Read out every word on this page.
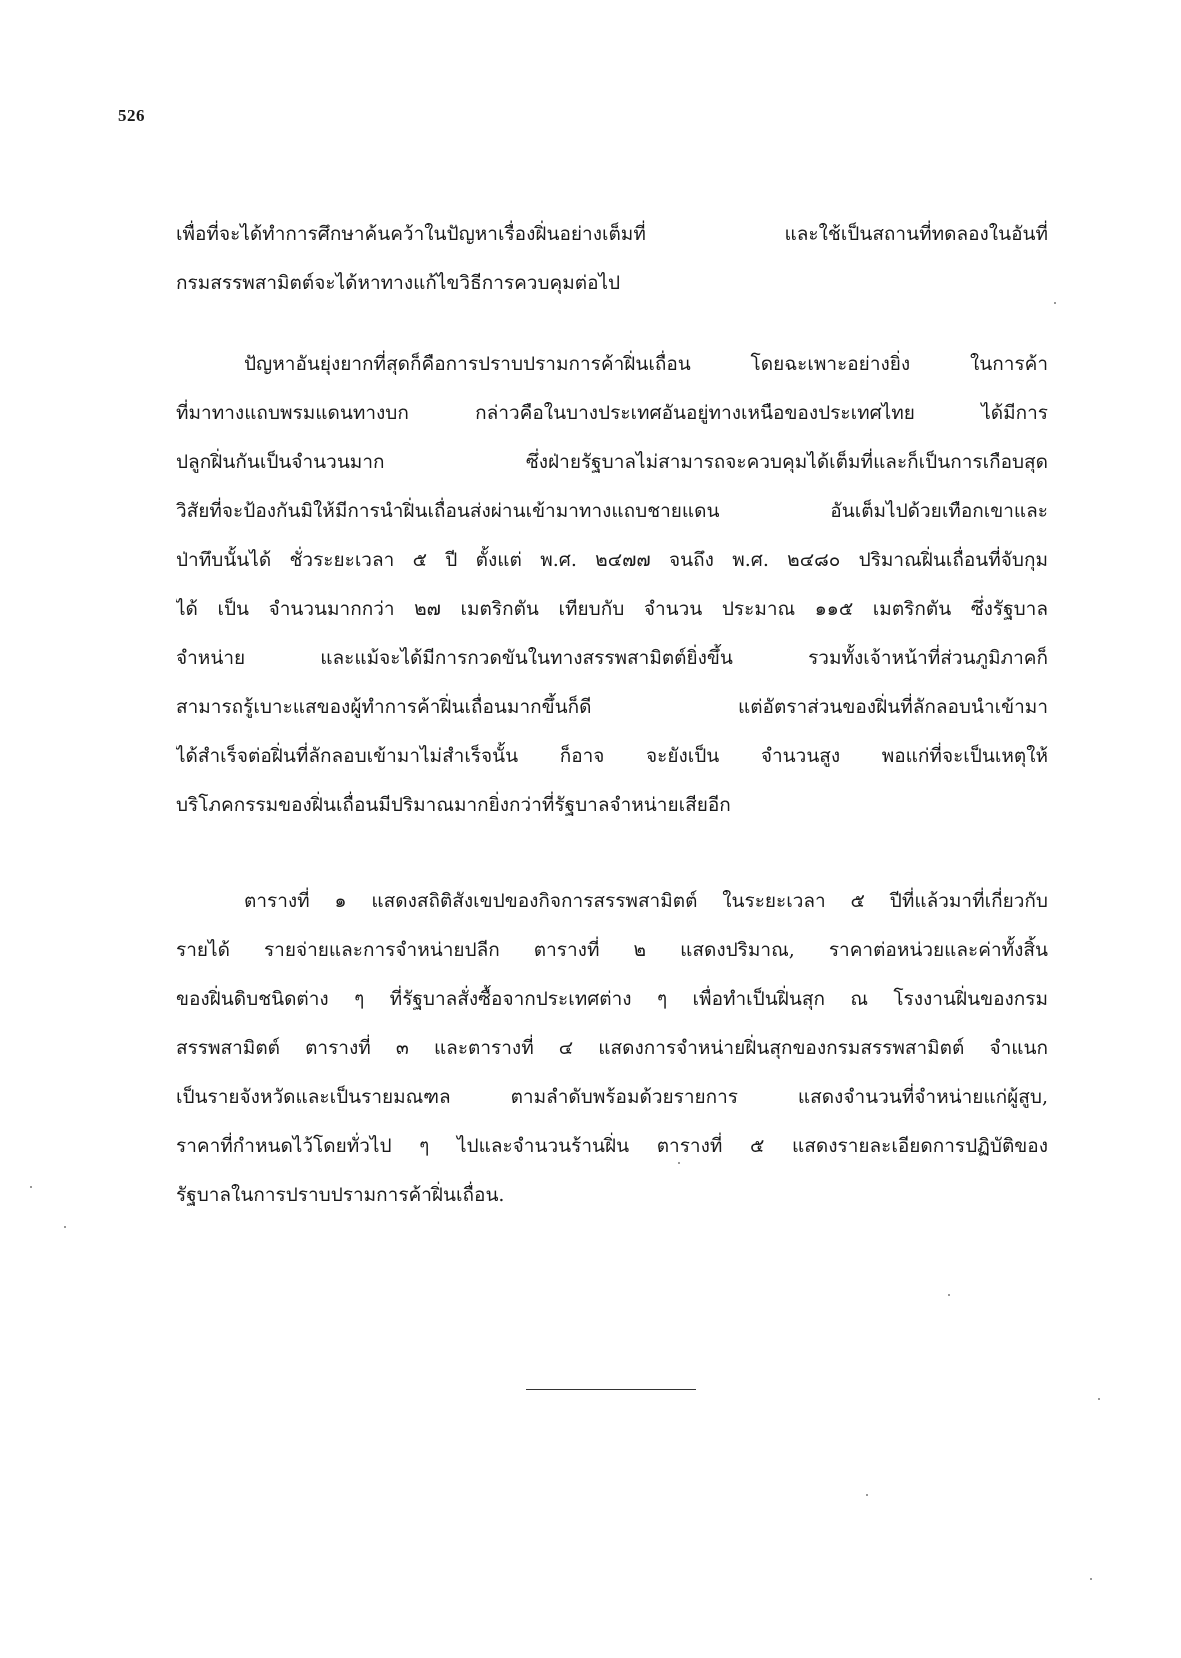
526
เพื่อที่จะได้ทำการศึกษาค้นคว้าในปัญหาเรื่องฝิ่นอย่างเต็มที่ และใช้เป็นสถานที่ทดลองในอันที่
กรมสรรพสามิตต์จะได้หาทางแก้ไขวิธีการควบคุมต่อไป
ปัญหาอันยุ่งยากที่สุดก็คือการปราบปรามการค้าฝิ่นเถื่อน โดยฉะเพาะอย่างยิ่ง ในการค้า
ที่มาทางแถบพรมแดนทางบก กล่าวคือในบางประเทศอันอยู่ทางเหนือของประเทศไทย ได้มีการ
ปลูกฝิ่นกันเป็นจำนวนมาก ซึ่งฝ่ายรัฐบาลไม่สามารถจะควบคุมได้เต็มที่และก็เป็นการเกือบสุด
วิสัยที่จะป้องกันมิให้มีการนำฝิ่นเถื่อนส่งผ่านเข้ามาทางแถบชายแดน อันเต็มไปด้วยเทือกเขาและ
ป่าทึบนั้นได้ ชั่วระยะเวลา ๕ ปี ตั้งแต่ พ.ศ. ๒๔๗๗ จนถึง พ.ศ. ๒๔๘๐ ปริมาณฝิ่นเถื่อนที่จับกุม
ได้ เป็น จำนวนมากกว่า ๒๗ เมตริกตัน เทียบกับ จำนวน ประมาณ ๑๑๕ เมตริกตัน ซึ่งรัฐบาล
จำหน่าย และแม้จะได้มีการกวดขันในทางสรรพสามิตต์ยิ่งขึ้น รวมทั้งเจ้าหน้าที่ส่วนภูมิภาคก็
สามารถรู้เบาะแสของผู้ทำการค้าฝิ่นเถื่อนมากขึ้นก็ดี แต่อัตราส่วนของฝิ่นที่ลักลอบนำเข้ามา
ได้สำเร็จต่อฝิ่นที่ลักลอบเข้ามาไม่สำเร็จนั้น ก็อาจ จะยังเป็น จำนวนสูง พอแก่ที่จะเป็นเหตุให้
บริโภคกรรมของฝิ่นเถื่อนมีปริมาณมากยิ่งกว่าที่รัฐบาลจำหน่ายเสียอีก
ตารางที่ ๑ แสดงสถิติสังเขปของกิจการสรรพสามิตต์ ในระยะเวลา ๕ ปีที่แล้วมาที่เกี่ยวกับ
รายได้ รายจ่ายและการจำหน่ายปลีก ตารางที่ ๒ แสดงปริมาณ, ราคาต่อหน่วยและค่าทั้งสิ้น
ของฝิ่นดิบชนิดต่าง ๆ ที่รัฐบาลสั่งซื้อจากประเทศต่าง ๆ เพื่อทำเป็นฝิ่นสุก ณ โรงงานฝิ่นของกรม
สรรพสามิตต์ ตารางที่ ๓ และตารางที่ ๔ แสดงการจำหน่ายฝิ่นสุกของกรมสรรพสามิตต์ จำแนก
เป็นรายจังหวัดและเป็นรายมณฑล ตามลำดับพร้อมด้วยรายการ แสดงจำนวนที่จำหน่ายแก่ผู้สูบ,
ราคาที่กำหนดไว้โดยทั่วไป ๆ ไปและจำนวนร้านฝิ่น ตารางที่ ๕ แสดงรายละเอียดการปฏิบัติของ
รัฐบาลในการปราบปรามการค้าฝิ่นเถื่อน.
